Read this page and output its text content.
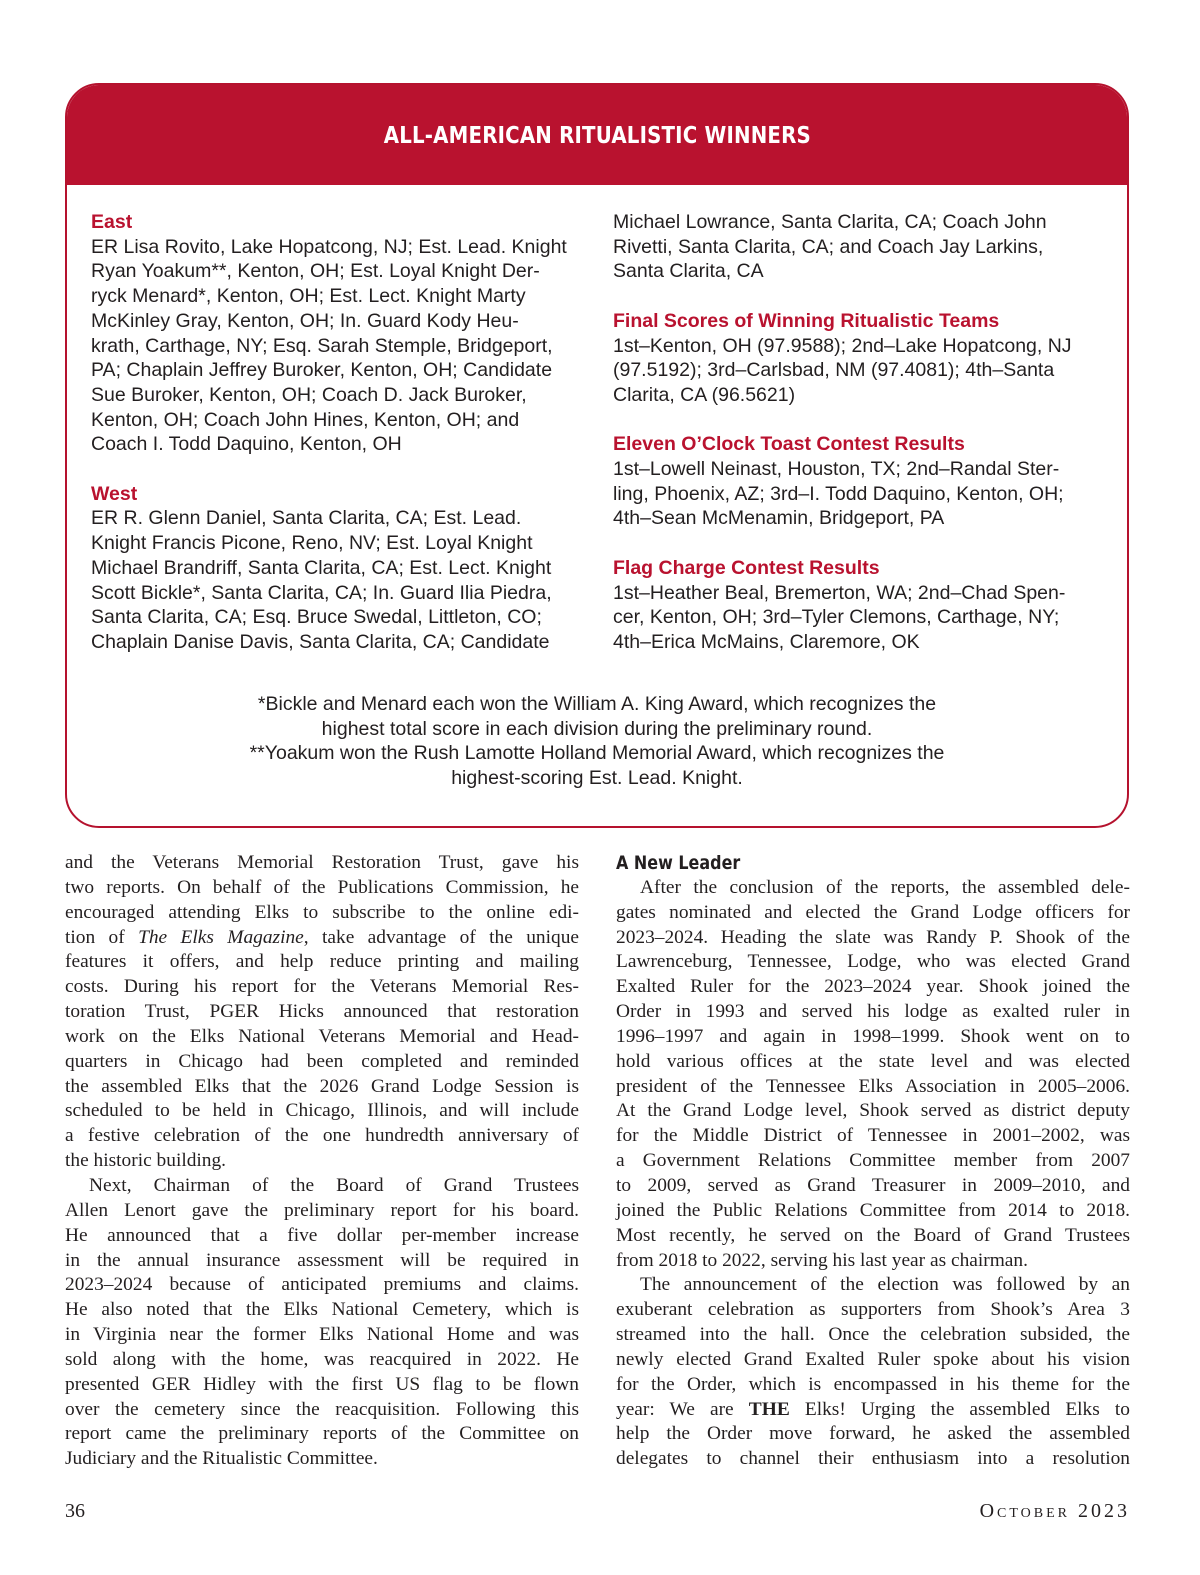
ALL-AMERICAN RITUALISTIC WINNERS
East
ER Lisa Rovito, Lake Hopatcong, NJ; Est. Lead. Knight
Ryan Yoakum**, Kenton, OH; Est. Loyal Knight Der-
ryck Menard*, Kenton, OH; Est. Lect. Knight Marty
McKinley Gray, Kenton, OH; In. Guard Kody Heu-
krath, Carthage, NY; Esq. Sarah Stemple, Bridgeport,
PA; Chaplain Jeffrey Buroker, Kenton, OH; Candidate
Sue Buroker, Kenton, OH; Coach D. Jack Buroker,
Kenton, OH; Coach John Hines, Kenton, OH; and
Coach I. Todd Daquino, Kenton, OH
West
ER R. Glenn Daniel, Santa Clarita, CA; Est. Lead.
Knight Francis Picone, Reno, NV; Est. Loyal Knight
Michael Brandriff, Santa Clarita, CA; Est. Lect. Knight
Scott Bickle*, Santa Clarita, CA; In. Guard Ilia Piedra,
Santa Clarita, CA; Esq. Bruce Swedal, Littleton, CO;
Chaplain Danise Davis, Santa Clarita, CA; Candidate
Michael Lowrance, Santa Clarita, CA; Coach John
Rivetti, Santa Clarita, CA; and Coach Jay Larkins,
Santa Clarita, CA
Final Scores of Winning Ritualistic Teams
1st–Kenton, OH (97.9588); 2nd–Lake Hopatcong, NJ
(97.5192); 3rd–Carlsbad, NM (97.4081); 4th–Santa
Clarita, CA (96.5621)
Eleven O’Clock Toast Contest Results
1st–Lowell Neinast, Houston, TX; 2nd–Randal Ster-
ling, Phoenix, AZ; 3rd–I. Todd Daquino, Kenton, OH;
4th–Sean McMenamin, Bridgeport, PA
Flag Charge Contest Results
1st–Heather Beal, Bremerton, WA; 2nd–Chad Spen-
cer, Kenton, OH; 3rd–Tyler Clemons, Carthage, NY;
4th–Erica McMains, Claremore, OK
*Bickle and Menard each won the William A. King Award, which recognizes the
highest total score in each division during the preliminary round.
**Yoakum won the Rush Lamotte Holland Memorial Award, which recognizes the
highest-scoring Est. Lead. Knight.
and the Veterans Memorial Restoration Trust, gave his
two reports. On behalf of the Publications Commission, he
encouraged attending Elks to subscribe to the online edi-
tion of The Elks Magazine, take advantage of the unique
features it offers, and help reduce printing and mailing
costs. During his report for the Veterans Memorial Res-
toration Trust, PGER Hicks announced that restoration
work on the Elks National Veterans Memorial and Head-
quarters in Chicago had been completed and reminded
the assembled Elks that the 2026 Grand Lodge Session is
scheduled to be held in Chicago, Illinois, and will include
a festive celebration of the one hundredth anniversary of
the historic building.
Next, Chairman of the Board of Grand Trustees
Allen Lenort gave the preliminary report for his board.
He announced that a five dollar per-member increase
in the annual insurance assessment will be required in
2023–2024 because of anticipated premiums and claims.
He also noted that the Elks National Cemetery, which is
in Virginia near the former Elks National Home and was
sold along with the home, was reacquired in 2022. He
presented GER Hidley with the first US flag to be flown
over the cemetery since the reacquisition. Following this
report came the preliminary reports of the Committee on
Judiciary and the Ritualistic Committee.
A New Leader
After the conclusion of the reports, the assembled dele-
gates nominated and elected the Grand Lodge officers for
2023–2024. Heading the slate was Randy P. Shook of the
Lawrenceburg, Tennessee, Lodge, who was elected Grand
Exalted Ruler for the 2023–2024 year. Shook joined the
Order in 1993 and served his lodge as exalted ruler in
1996–1997 and again in 1998–1999. Shook went on to
hold various offices at the state level and was elected
president of the Tennessee Elks Association in 2005–2006.
At the Grand Lodge level, Shook served as district deputy
for the Middle District of Tennessee in 2001–2002, was
a Government Relations Committee member from 2007
to 2009, served as Grand Treasurer in 2009–2010, and
joined the Public Relations Committee from 2014 to 2018.
Most recently, he served on the Board of Grand Trustees
from 2018 to 2022, serving his last year as chairman.
The announcement of the election was followed by an
exuberant celebration as supporters from Shook’s Area 3
streamed into the hall. Once the celebration subsided, the
newly elected Grand Exalted Ruler spoke about his vision
for the Order, which is encompassed in his theme for the
year: We are THE Elks! Urging the assembled Elks to
help the Order move forward, he asked the assembled
delegates to channel their enthusiasm into a resolution
36	October 2023
